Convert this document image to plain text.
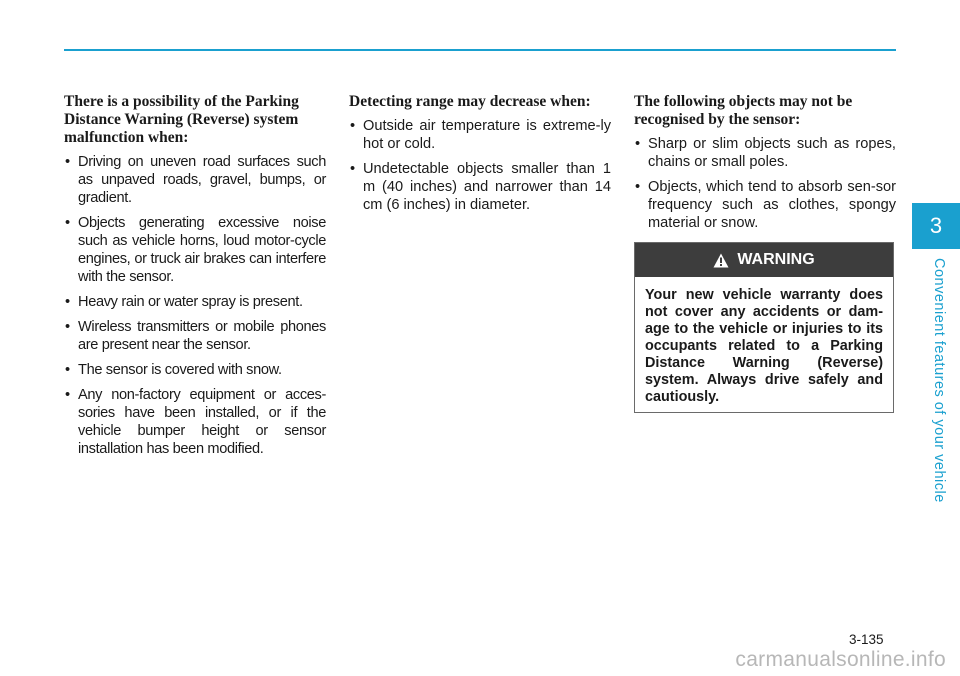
There is a possibility of the Parking Distance Warning (Reverse) system malfunction when:
• Driving on uneven road surfaces such as unpaved roads, gravel, bumps, or gradient.
• Objects generating excessive noise such as vehicle horns, loud motor-cycle engines, or truck air brakes can interfere with the sensor.
• Heavy rain or water spray is present.
• Wireless transmitters or mobile phones are present near the sensor.
• The sensor is covered with snow.
• Any non-factory equipment or acces-sories have been installed, or if the vehicle bumper height or sensor installation has been modified.
Detecting range may decrease when:
• Outside air temperature is extreme-ly hot or cold.
• Undetectable objects smaller than 1 m (40 inches) and narrower than 14 cm (6 inches) in diameter.
The following objects may not be recognised by the sensor:
• Sharp or slim objects such as ropes, chains or small poles.
• Objects, which tend to absorb sen-sor frequency such as clothes, spongy material or snow.
WARNING
Your new vehicle warranty does not cover any accidents or dam-age to the vehicle or injuries to its occupants related to a Parking Distance Warning (Reverse) system. Always drive safely and cautiously.
3
Convenient features of your vehicle
3-135
carmanualsonline.info
